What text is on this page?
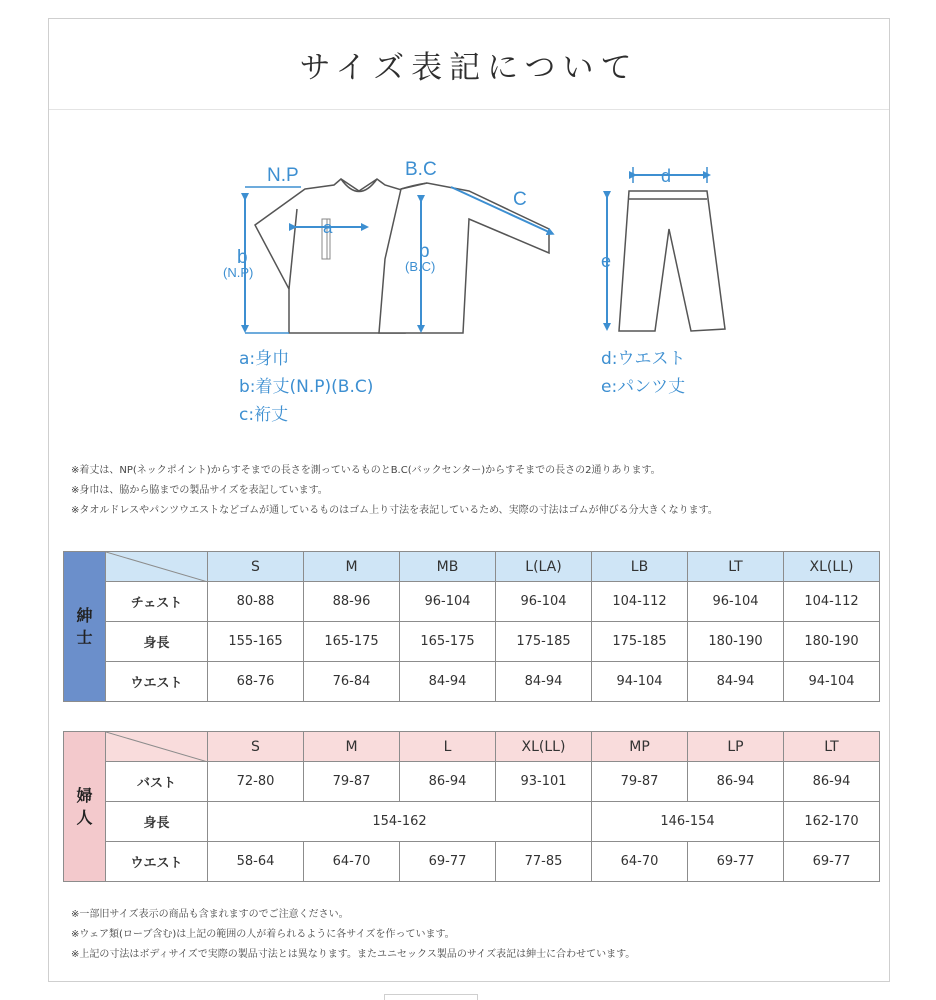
サイズ表記について
N.P	B.C
C
a
b
(N.P)
b
(B.C)
d
e
a:身巾
b:着丈(N.P)(B.C)
c:裄丈
d:ウエスト
e:パンツ丈
※着丈は、NP(ネックポイント)からすそまでの長さを測っているものとB.C(バックセンター)からすそまでの長さの2通りあります。
※身巾は、脇から脇までの製品サイズを表記しています。
※タオルドレスやパンツウエストなどゴムが通しているものはゴム上り寸法を表記しているため、実際の寸法はゴムが伸びる分大きくなります。
紳士		S	M	MB	L(LA)	LB	LT	XL(LL)
	チェスト	80-88	88-96	96-104	96-104	104-112	96-104	104-112
	身長	155-165	165-175	165-175	175-185	175-185	180-190	180-190
	ウエスト	68-76	76-84	84-94	84-94	94-104	84-94	94-104
婦人		S	M	L	XL(LL)	MP	LP	LT
	バスト	72-80	79-87	86-94	93-101	79-87	86-94	86-94
	身長	154-162				146-154		162-170
	ウエスト	58-64	64-70	69-77	77-85	64-70	69-77	69-77
※一部旧サイズ表示の商品も含まれますのでご注意ください。
※ウェア類(ローブ含む)は上記の範囲の人が着られるように各サイズを作っています。
※上記の寸法はボディサイズで実際の製品寸法とは異なります。またユニセックス製品のサイズ表記は紳士に合わせています。
